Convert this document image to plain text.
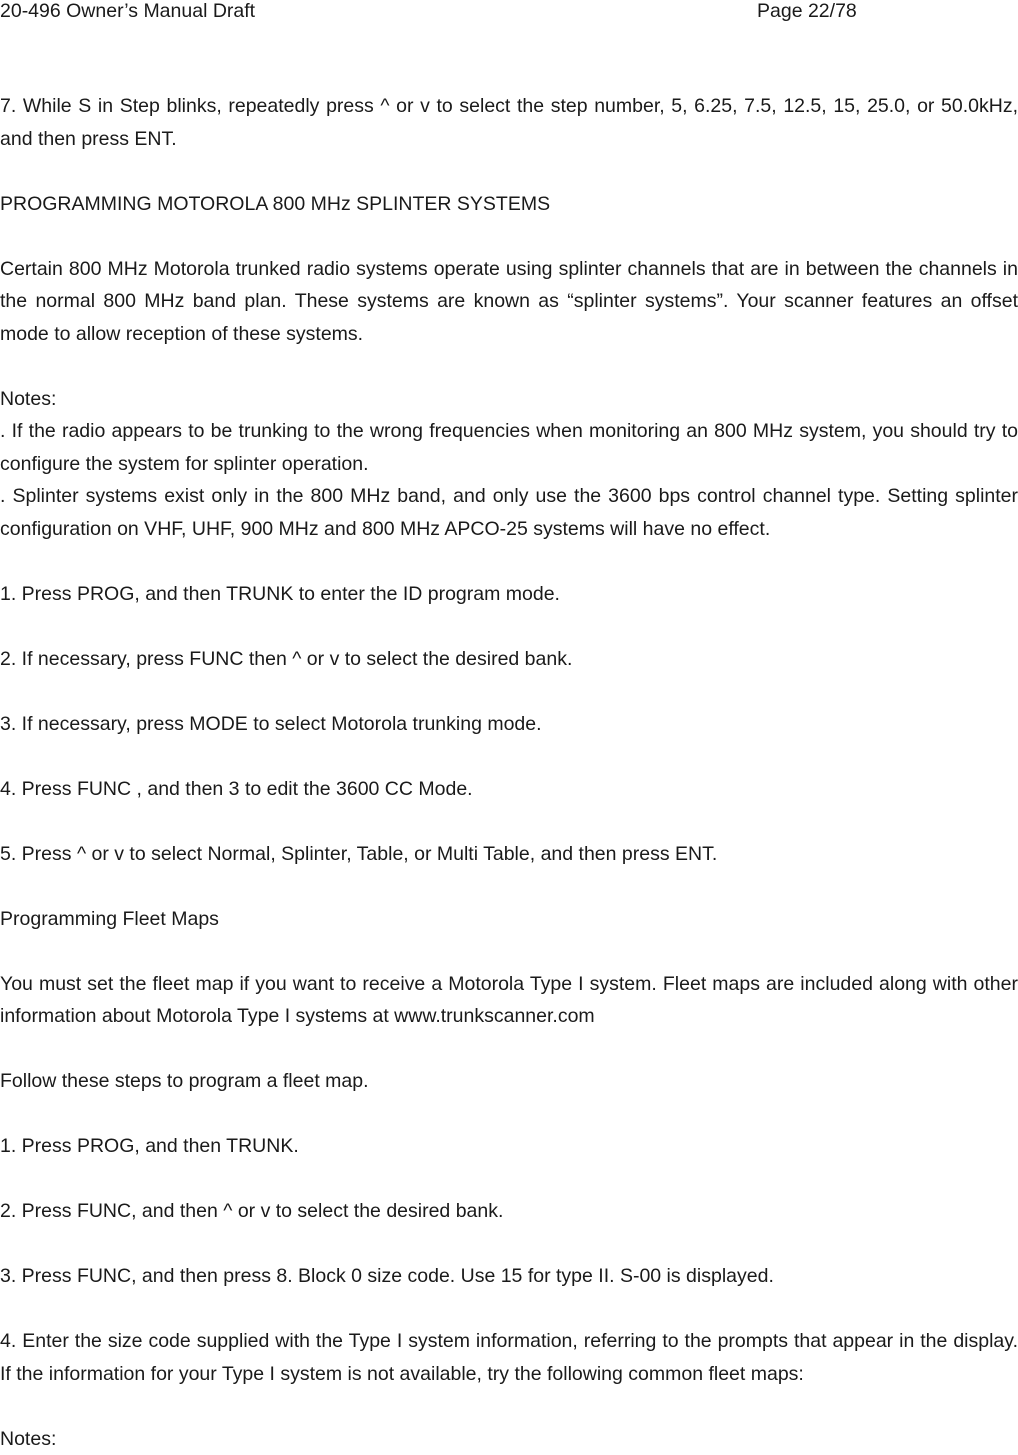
20-496 Owner’s Manual Draft	Page 22/78

7. While S in Step blinks, repeatedly press ^ or v to select the step number, 5, 6.25, 7.5, 12.5, 15, 25.0, or 50.0kHz, and then press ENT.

PROGRAMMING MOTOROLA 800 MHz SPLINTER SYSTEMS

Certain 800 MHz Motorola trunked radio systems operate using splinter channels that are in between the channels in the normal 800 MHz band plan. These systems are known as “splinter systems”. Your scanner features an offset mode to allow reception of these systems.

Notes:

. If the radio appears to be trunking to the wrong frequencies when monitoring an 800 MHz system, you should try to configure the system for splinter operation.

. Splinter systems exist only in the 800 MHz band, and only use the 3600 bps control channel type. Setting splinter configuration on VHF, UHF, 900 MHz and 800 MHz APCO-25 systems will have no effect.

1. Press PROG, and then TRUNK to enter the ID program mode.

2. If necessary, press FUNC then ^ or v to select the desired bank.

3. If necessary, press MODE to select Motorola trunking mode.

4. Press FUNC , and then 3 to edit the 3600 CC Mode.

5. Press ^ or v to select Normal, Splinter, Table, or Multi Table, and then press ENT.

Programming Fleet Maps

You must set the fleet map if you want to receive a Motorola Type I system. Fleet maps are included along with other information about Motorola Type I systems at www.trunkscanner.com

Follow these steps to program a fleet map.

1. Press PROG, and then TRUNK.

2. Press FUNC, and then ^ or v to select the desired bank.

3. Press FUNC, and then press 8. Block 0 size code. Use 15 for type II. S-00 is displayed.

4. Enter the size code supplied with the Type I system information, referring to the prompts that appear in the display. If the information for your Type I system is not available, try the following common fleet maps:

Notes:
